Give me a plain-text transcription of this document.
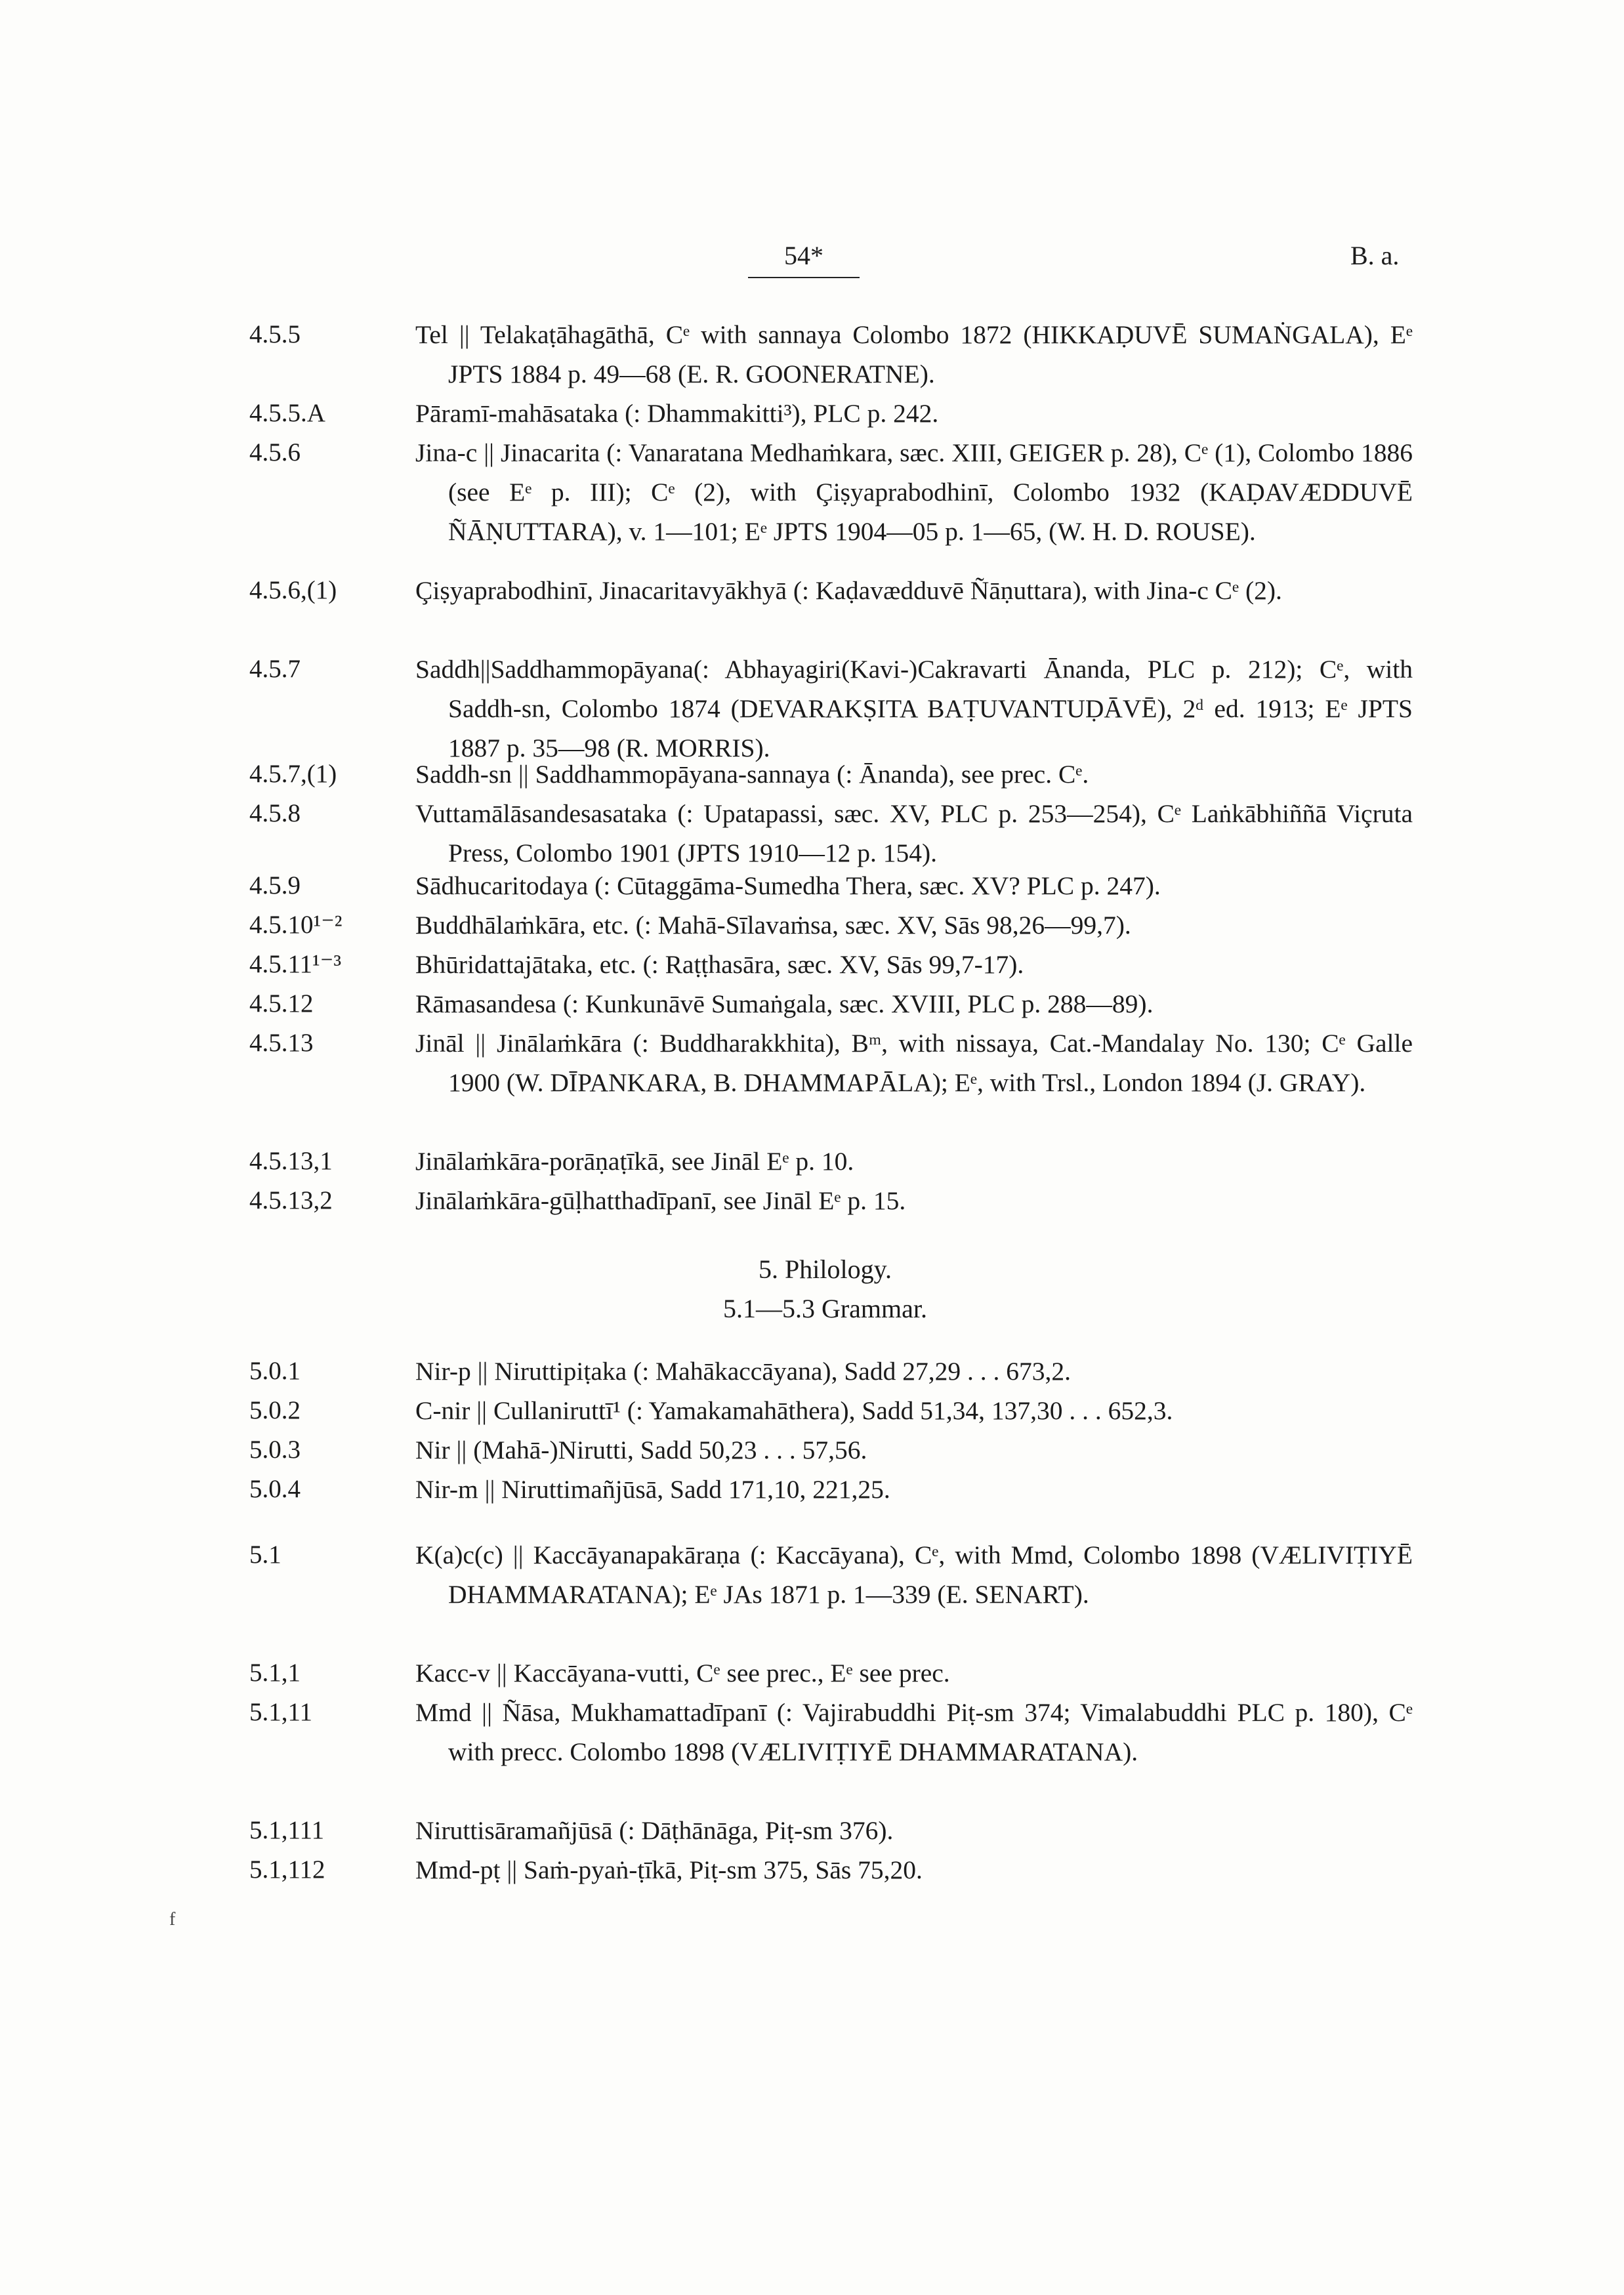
54*	B. a.
4.5.5	Tel || Telakaṭāhagāthā, Cᵉ with sannaya Colombo 1872 (HIKKAḌUVĒ SUMAṄGALA), Eᵉ JPTS 1884 p. 49—68 (E. R. GOONERATNE).
4.5.5.A	Pāramī-mahāsataka (: Dhammakitti³), PLC p. 242.
4.5.6	Jina-c || Jinacarita (: Vanaratana Medhaṁkara, sæc. XIII, GEIGER p. 28), Cᵉ (1), Colombo 1886 (see Eᵉ p. III); Cᵉ (2), with Çiṣyaprabodhinī, Colombo 1932 (KAḌAVÆDDUVĒ ÑĀṆUTTARA), v. 1—101; Eᵉ JPTS 1904—05 p. 1—65, (W. H. D. ROUSE).
4.5.6,(1)	Çiṣyaprabodhinī, Jinacaritavyākhyā (: Kaḍavædduvē Ñāṇuttara), with Jina-c Cᵉ (2).
4.5.7	Saddh||Saddhammopāyana(: Abhayagiri(Kavi-)Cakravarti Ānanda, PLC p. 212); Cᵉ, with Saddh-sn, Colombo 1874 (DEVARAKṢITA BAṬUVANTUḌĀVĒ), 2ᵈ ed. 1913; Eᵉ JPTS 1887 p. 35—98 (R. MORRIS).
4.5.7,(1)	Saddh-sn || Saddhammopāyana-sannaya (: Ānanda), see prec. Cᵉ.
4.5.8	Vuttamālāsandesasataka (: Upatapassi, sæc. XV, PLC p. 253—254), Cᵉ Laṅkābhiññā Viçruta Press, Colombo 1901 (JPTS 1910—12 p. 154).
4.5.9	Sādhucaritodaya (: Cūtaggāma-Sumedha Thera, sæc. XV? PLC p. 247).
4.5.10¹⁻²	Buddhālaṁkāra, etc. (: Mahā-Sīlavaṁsa, sæc. XV, Sās 98,26—99,7).
4.5.11¹⁻³	Bhūridattajātaka, etc. (: Raṭṭhasāra, sæc. XV, Sās 99,7-17).
4.5.12	Rāmasandesa (: Kunkunāvē Sumaṅgala, sæc. XVIII, PLC p. 288—89).
4.5.13	Jināl || Jinālaṁkāra (: Buddharakkhita), Bᵐ, with nissaya, Cat.-Mandalay No. 130; Cᵉ Galle 1900 (W. DĪPANKARA, B. DHAMMAPĀLA); Eᵉ, with Trsl., London 1894 (J. GRAY).
4.5.13,1	Jinālaṁkāra-porāṇaṭīkā, see Jināl Eᵉ p. 10.
4.5.13,2	Jinālaṁkāra-gūḷhatthadīpanī, see Jināl Eᵉ p. 15.
5. Philology.
5.1—5.3 Grammar.
5.0.1	Nir-p || Niruttipiṭaka (: Mahākaccāyana), Sadd 27,29 . . . 673,2.
5.0.2	C-nir || Cullaniruttī¹ (: Yamakamahāthera), Sadd 51,34, 137,30 . . . 652,3.
5.0.3	Nir || (Mahā-)Nirutti, Sadd 50,23 . . . 57,56.
5.0.4	Nir-m || Niruttimañjūsā, Sadd 171,10, 221,25.
5.1	K(a)c(c) || Kaccāyanapakāraṇa (: Kaccāyana), Cᵉ, with Mmd, Colombo 1898 (VÆLIVIṬIYĒ DHAMMARATANA); Eᵉ JAs 1871 p. 1—339 (E. SENART).
5.1,1	Kacc-v || Kaccāyana-vutti, Cᵉ see prec., Eᵉ see prec.
5.1,11	Mmd || Ñāsa, Mukhamattadīpanī (: Vajirabuddhi Piṭ-sm 374; Vimalabuddhi PLC p. 180), Cᵉ with precc. Colombo 1898 (VÆLIVIṬIYĒ DHAMMARATANA).
5.1,111	Niruttisāramañjūsā (: Dāṭhānāga, Piṭ-sm 376).
5.1,112	Mmd-pṭ || Saṁ-pyaṅ-ṭīkā, Piṭ-sm 375, Sās 75,20.
f
